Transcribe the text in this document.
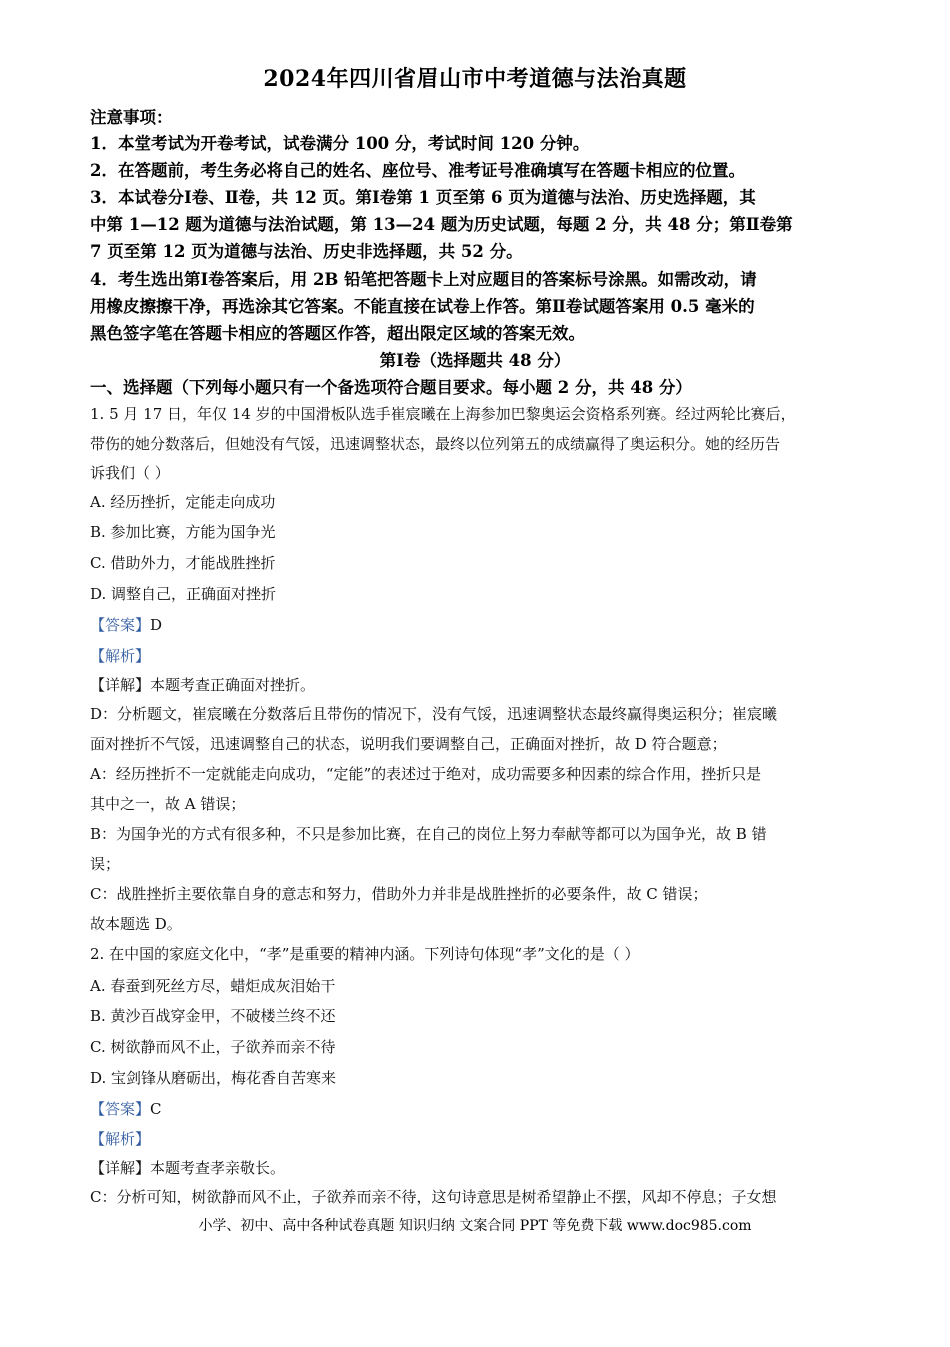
2024年四川省眉山市中考道德与法治真题
注意事项：
1．本堂考试为开卷考试，试卷满分 100 分，考试时间 120 分钟。
2．在答题前，考生务必将自己的姓名、座位号、准考证号准确填写在答题卡相应的位置。
3．本试卷分Ⅰ卷、Ⅱ卷，共 12 页。第Ⅰ卷第 1 页至第 6 页为道德与法治、历史选择题，其
中第 1—12 题为道德与法治试题，第 13—24 题为历史试题，每题 2 分，共 48 分；第Ⅱ卷第
7 页至第 12 页为道德与法治、历史非选择题，共 52 分。
4．考生选出第Ⅰ卷答案后，用 2B 铅笔把答题卡上对应题目的答案标号涂黑。如需改动，请
用橡皮擦擦干净，再选涂其它答案。不能直接在试卷上作答。第Ⅱ卷试题答案用 0.5 毫米的
黑色签字笔在答题卡相应的答题区作答，超出限定区域的答案无效。
第Ⅰ卷（选择题共 48 分）
一、选择题（下列每小题只有一个备选项符合题目要求。每小题 2 分，共 48 分）
1. 5 月 17 日，年仅 14 岁的中国滑板队选手崔宸曦在上海参加巴黎奥运会资格系列赛。经过两轮比赛后，
带伤的她分数落后，但她没有气馁，迅速调整状态，最终以位列第五的成绩赢得了奥运积分。她的经历告
诉我们（ ）
A. 经历挫折，定能走向成功
B. 参加比赛，方能为国争光
C. 借助外力，才能战胜挫折
D. 调整自己，正确面对挫折
【答案】D
【解析】
【详解】本题考查正确面对挫折。
D：分析题文，崔宸曦在分数落后且带伤的情况下，没有气馁，迅速调整状态最终赢得奥运积分；崔宸曦
面对挫折不气馁，迅速调整自己的状态，说明我们要调整自己，正确面对挫折，故 D 符合题意；
A：经历挫折不一定就能走向成功，“定能”的表述过于绝对，成功需要多种因素的综合作用，挫折只是
其中之一，故 A 错误；
B：为国争光的方式有很多种，不只是参加比赛，在自己的岗位上努力奉献等都可以为国争光，故 B 错
误；
C：战胜挫折主要依靠自身的意志和努力，借助外力并非是战胜挫折的必要条件，故 C 错误；
故本题选 D。
2. 在中国的家庭文化中，“孝”是重要的精神内涵。下列诗句体现“孝”文化的是（ ）
A. 春蚕到死丝方尽，蜡炬成灰泪始干
B. 黄沙百战穿金甲，不破楼兰终不还
C. 树欲静而风不止，子欲养而亲不待
D. 宝剑锋从磨砺出，梅花香自苦寒来
【答案】C
【解析】
【详解】本题考查孝亲敬长。
C：分析可知，树欲静而风不止，子欲养而亲不待，这句诗意思是树希望静止不摆，风却不停息；子女想
小学、初中、高中各种试卷真题 知识归纳 文案合同 PPT 等免费下载 www.doc985.com
